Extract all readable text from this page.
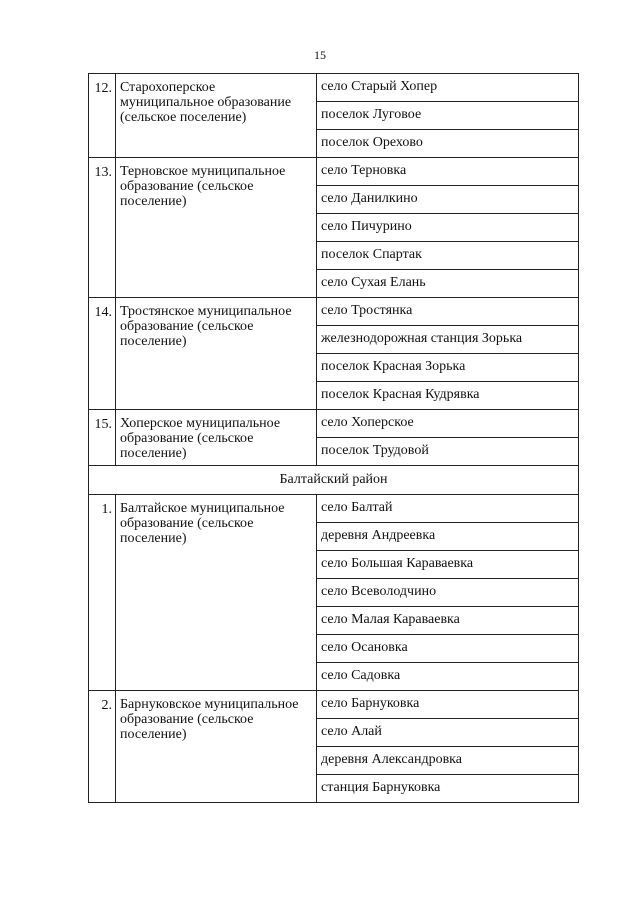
15
12.	Старохоперское муниципальное образование (сельское поселение)	село Старый Хопер
		поселок Луговое
		поселок Орехово
13.	Терновское муниципальное образование (сельское поселение)	село Терновка
		село Данилкино
		село Пичурино
		поселок Спартак
		село Сухая Елань
14.	Тростянское муниципальное образование (сельское поселение)	село Тростянка
		железнодорожная станция Зорька
		поселок Красная Зорька
		поселок Красная Кудрявка
15.	Хоперское муниципальное образование (сельское поселение)	село Хоперское
		поселок Трудовой
Балтайский район		
1.	Балтайское муниципальное образование (сельское поселение)	село Балтай
		деревня Андреевка
		село Большая Караваевка
		село Всеволодчино
		село Малая Караваевка
		село Осановка
		село Садовка
2.	Барнуковское муниципальное образование (сельское поселение)	село Барнуковка
		село Алай
		деревня Александровка
		станция Барнуковка
